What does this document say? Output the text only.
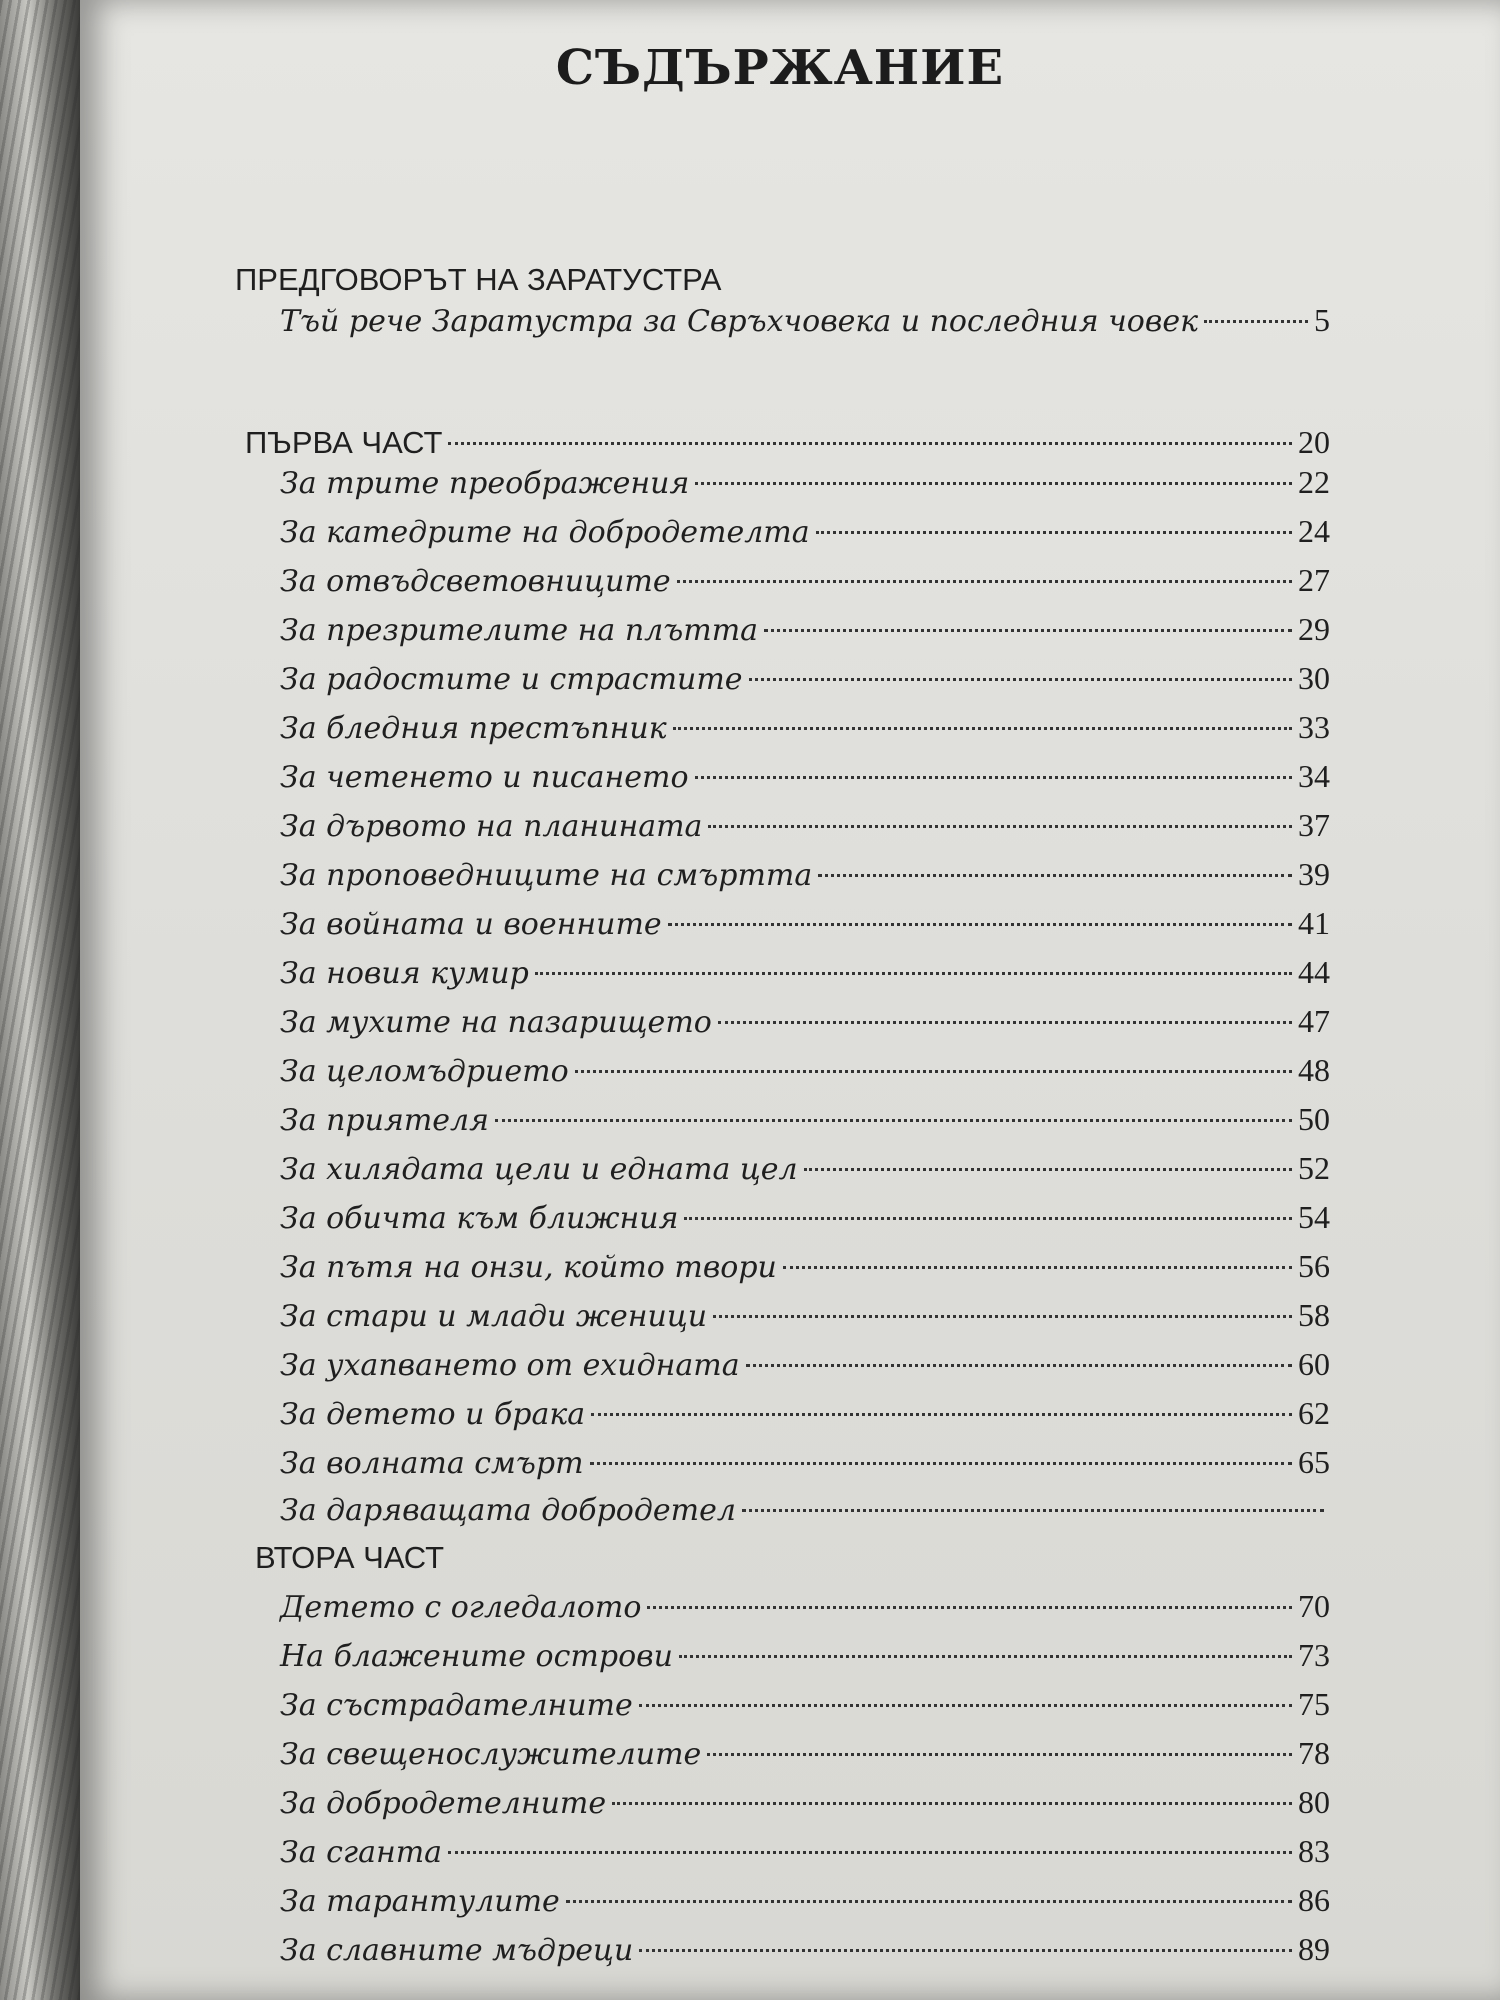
СЪДЪРЖАНИЕ
ПРЕДГОВОРЪТ НА ЗАРАТУСТРА
Тъй рече Заратустра за Свръхчовека и последния човек	5
ПЪРВА ЧАСТ	20
За трите преображения	22
За катедрите на добродетелта	24
За отвъдсветовниците	27
За презрителите на плътта	29
За радостите и страстите	30
За бледния престъпник	33
За четенето и писането	34
За дървото на планината	37
За проповедниците на смъртта	39
За войната и военните	41
За новия кумир	44
За мухите на пазарището	47
За целомъдрието	48
За приятеля	50
За хилядата цели и едната цел	52
За обичта към ближния	54
За пътя на онзи, който твори	56
За стари и млади женици	58
За ухапването от ехидната	60
За детето и брака	62
За волната смърт	65
За даряващата добродетел
ВТОРА ЧАСТ
Детето с огледалото	70
На блажените острови	73
За състрадателните	75
За свещенослужителите	78
За добродетелните	80
За сганта	83
За тарантулите	86
За славните мъдреци	89
